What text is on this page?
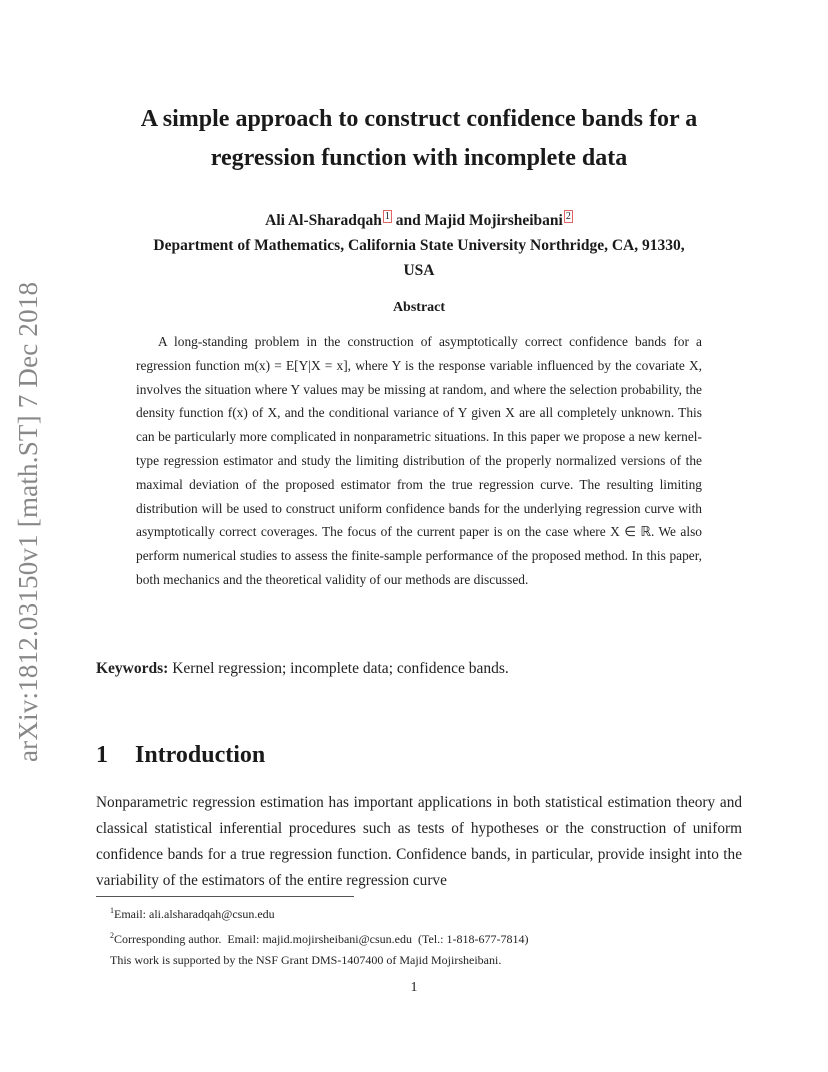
arXiv:1812.03150v1 [math.ST] 7 Dec 2018
A simple approach to construct confidence bands for a
regression function with incomplete data
Ali Al-Sharadqah $^1$ and Majid Mojirsheibani $^2$
Department of Mathematics, California State University Northridge, CA, 91330,
USA
Abstract
A long-standing problem in the construction of asymptotically correct confidence bands for a regression function m(x) = E[Y|X = x], where Y is the response variable influenced by the covariate X, involves the situation where Y values may be missing at random, and where the selection probability, the density function f(x) of X, and the conditional variance of Y given X are all completely unknown. This can be particularly more complicated in nonparametric situations. In this paper we propose a new kernel-type regression estimator and study the limiting distribution of the properly normalized versions of the maximal deviation of the proposed estimator from the true regression curve. The resulting limiting distribution will be used to construct uniform confidence bands for the underlying regression curve with asymptotically correct coverages. The focus of the current paper is on the case where X ∈ ℝ. We also perform numerical studies to assess the finite-sample performance of the proposed method. In this paper, both mechanics and the theoretical validity of our methods are discussed.
Keywords: Kernel regression; incomplete data; confidence bands.
1 Introduction
Nonparametric regression estimation has important applications in both statistical estimation theory and classical statistical inferential procedures such as tests of hypotheses or the construction of uniform confidence bands for a true regression function. Confidence bands, in particular, provide insight into the variability of the estimators of the entire regression curve
$^1$Email: ali.alsharadqah@csun.edu
$^2$Corresponding author.  Email: majid.mojirsheibani@csun.edu  (Tel.: 1-818-677-7814)
This work is supported by the NSF Grant DMS-1407400 of Majid Mojirsheibani.
1
